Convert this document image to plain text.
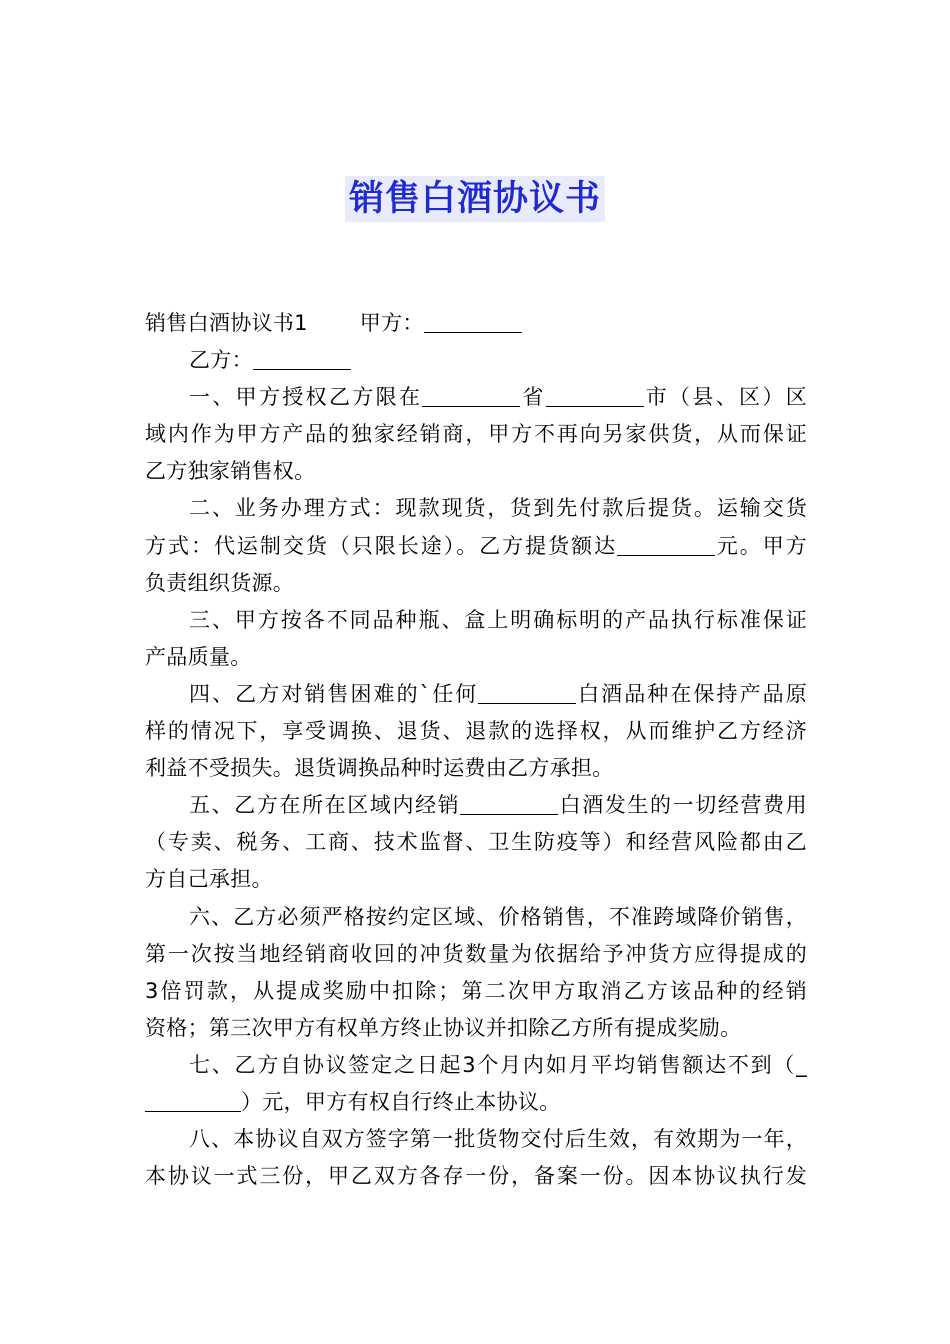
销售白酒协议书
销售白酒协议书1 甲方：
乙方：
一、甲方授权乙方限在	省	市（县、区）区
域内作为甲方产品的独家经销商，甲方不再向另家供货，从而保证
乙方独家销售权。
二、业务办理方式：现款现货，货到先付款后提货。运输交货
方式：代运制交货（只限长途）。乙方提货额达	元。甲方
负责组织货源。
三、甲方按各不同品种瓶、盒上明确标明的产品执行标准保证
产品质量。
四、乙方对销售困难的`任何	白酒品种在保持产品原
样的情况下，享受调换、退货、退款的选择权，从而维护乙方经济
利益不受损失。退货调换品种时运费由乙方承担。
五、乙方在所在区域内经销	白酒发生的一切经营费用
（专卖、税务、工商、技术监督、卫生防疫等）和经营风险都由乙
方自己承担。
六、乙方必须严格按约定区域、价格销售，不准跨域降价销售，
第一次按当地经销商收回的冲货数量为依据给予冲货方应得提成的
3倍罚款，从提成奖励中扣除；第二次甲方取消乙方该品种的经销
资格；第三次甲方有权单方终止协议并扣除乙方所有提成奖励。
七、乙方自协议签定之日起3个月内如月平均销售额达不到（_
）元，甲方有权自行终止本协议。
八、本协议自双方签字第一批货物交付后生效，有效期为一年，
本协议一式三份，甲乙双方各存一份，备案一份。因本协议执行发
